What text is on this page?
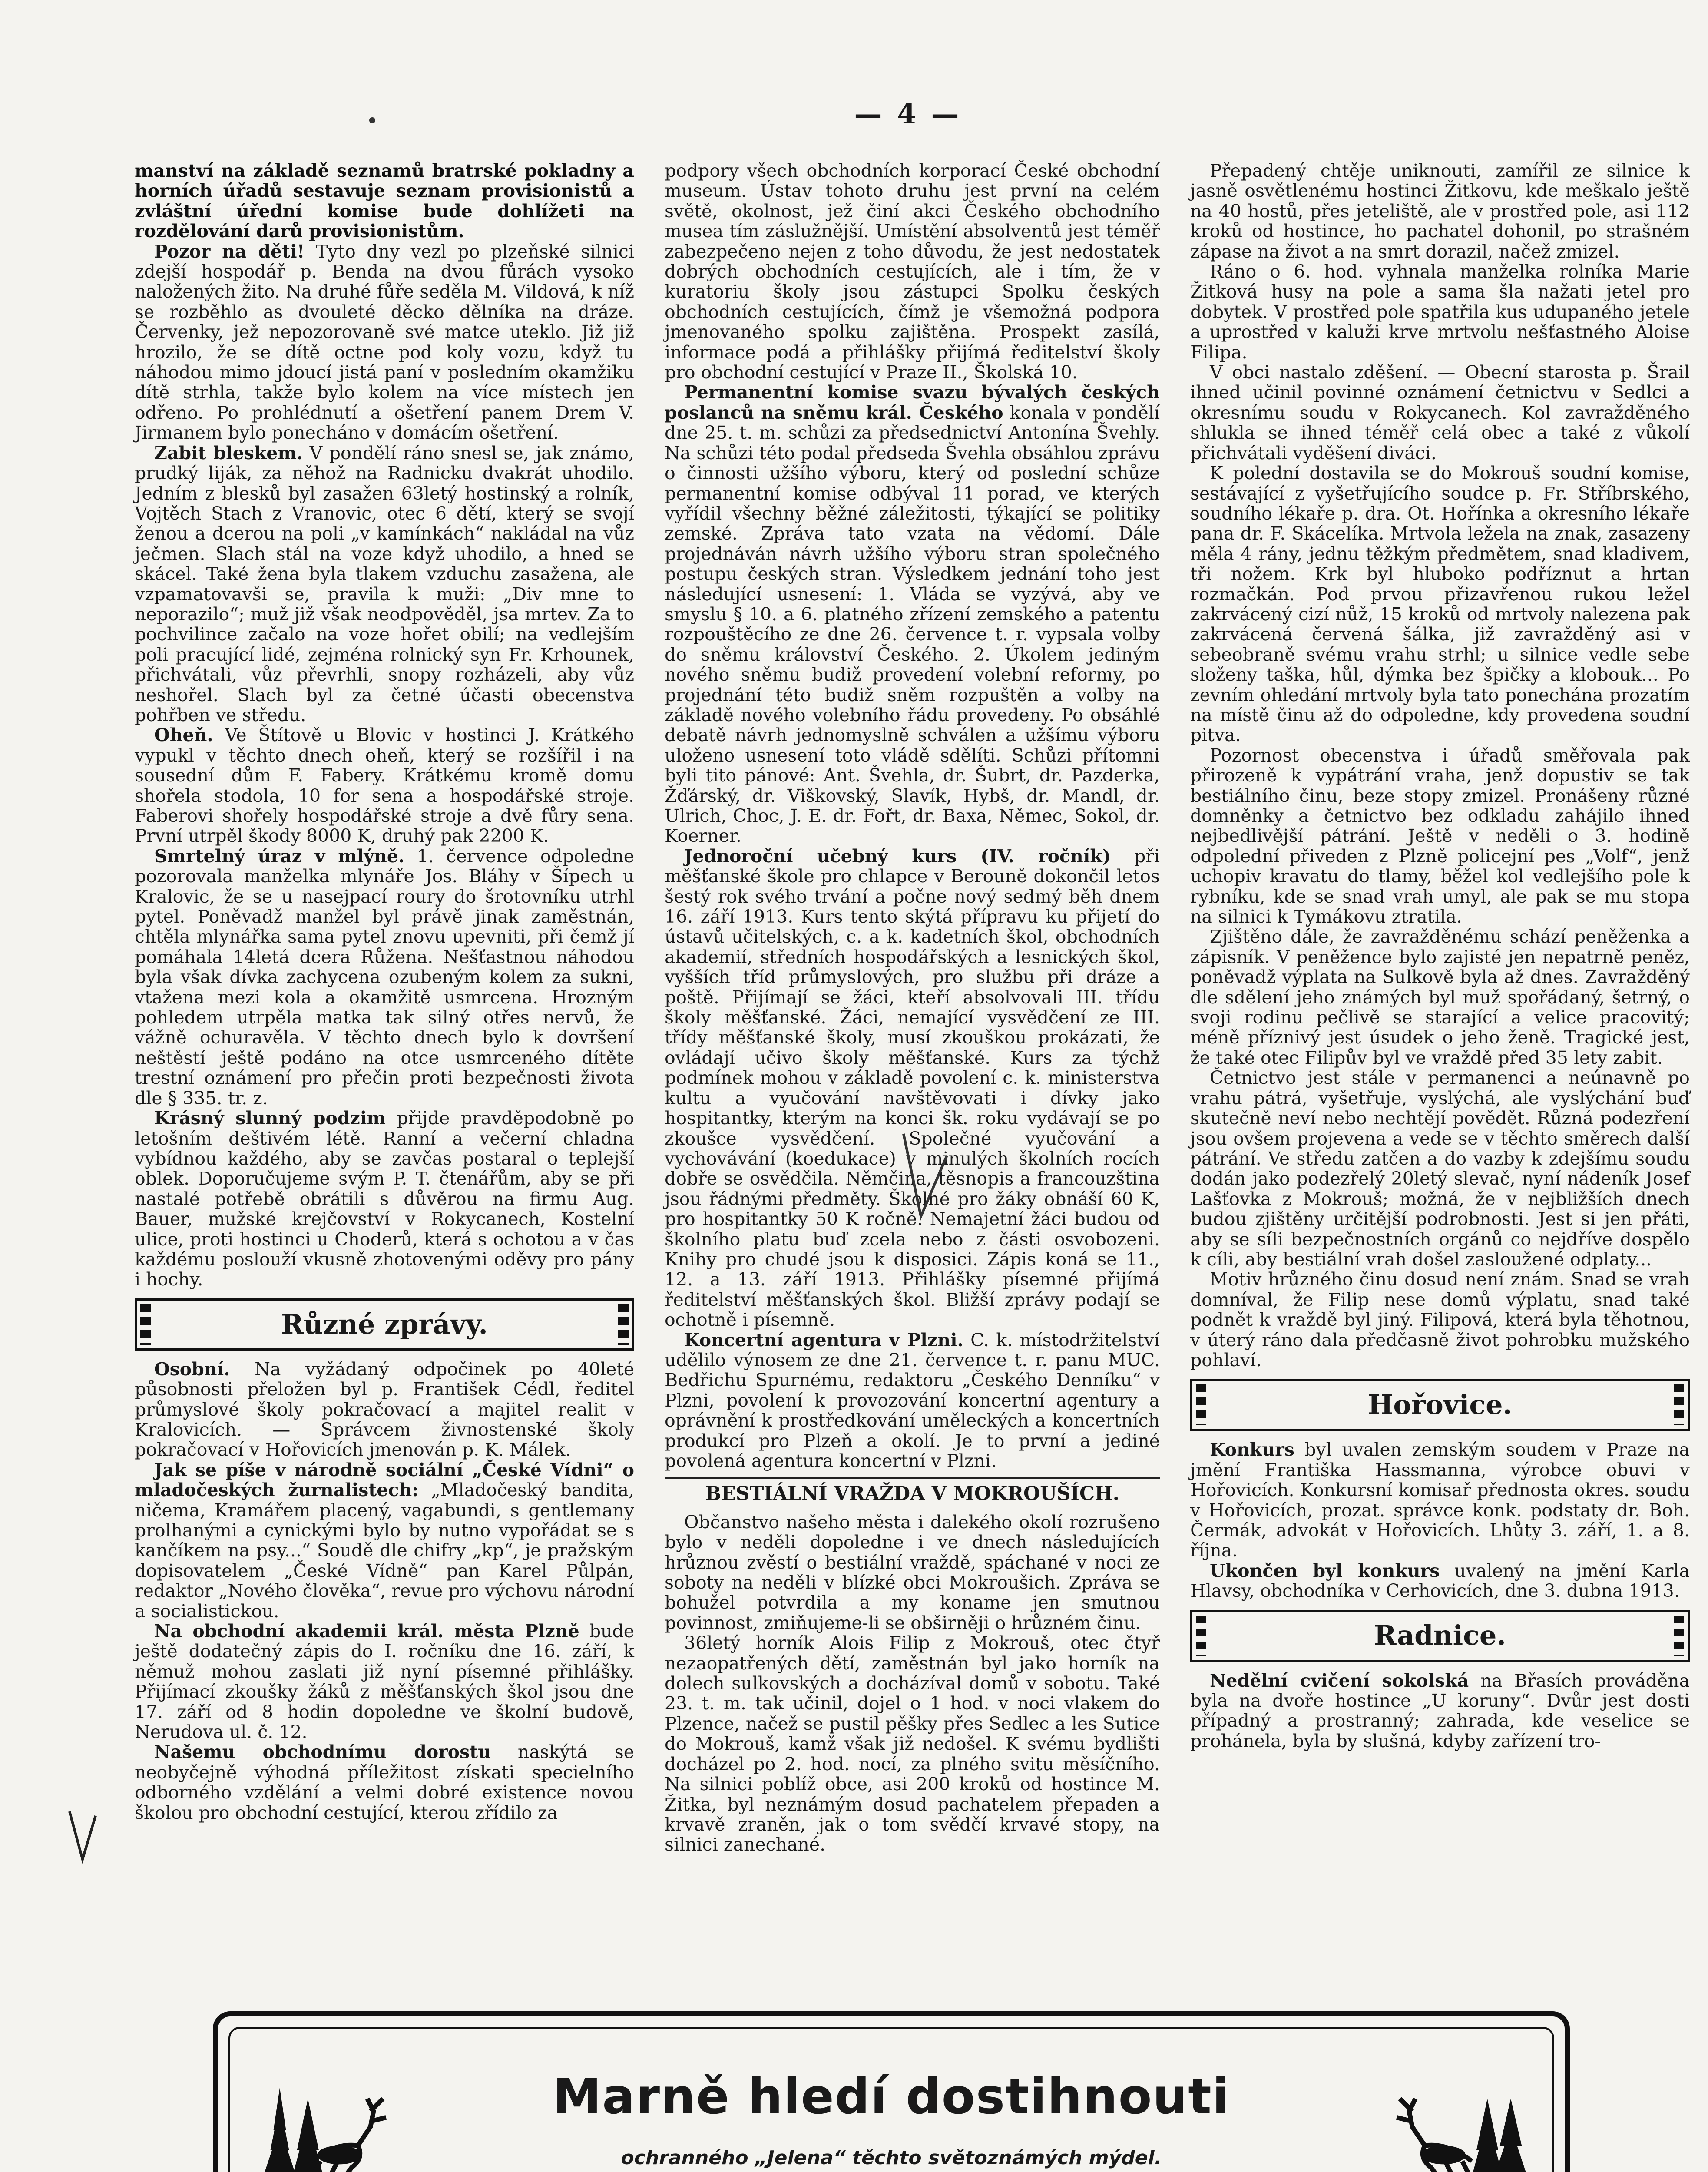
— 4 —

manství na základě seznamů bratrské pokladny a horních úřadů sestavuje seznam provisionistů a zvláštní úřední komise bude dohlížeti na rozdělování darů provisionistům.

Pozor na děti! Tyto dny vezl po plzeňské silnici zdejší hospodář p. Benda na dvou fůrách vysoko naložených žito. Na druhé fůře seděla M. Vildová, k níž se rozběhlo as dvouleté děcko dělníka na dráze. Červenky, jež nepozorovaně své matce uteklo. Již již hrozilo, že se dítě octne pod koly vozu, když tu náhodou mimo jdoucí jistá paní v posledním okamžiku dítě strhla, takže bylo kolem na více místech jen odřeno. Po prohlédnutí a ošetření panem Drem V. Jirmanem bylo ponecháno v domácím ošetření.

Zabit bleskem. V pondělí ráno snesl se, jak známo, prudký liják, za něhož na Radnicku dvakrát uhodilo. Jedním z blesků byl zasažen 63letý hostinský a rolník, Vojtěch Stach z Vranovic, otec 6 dětí, který se svojí ženou a dcerou na poli „v kamínkách“ nakládal na vůz ječmen. Slach stál na voze když uhodilo, a hned se skácel. Také žena byla tlakem vzduchu zasažena, ale vzpamatovavši se, pravila k muži: „Div mne to neporazilo“; muž již však neodpověděl, jsa mrtev. Za to pochvilince začalo na voze hořet obilí; na vedlejším poli pracující lidé, zejména rolnický syn Fr. Krhounek, přichvátali, vůz převrhli, snopy rozházeli, aby vůz neshořel. Slach byl za četné účasti obecenstva pohřben ve středu.

Oheň. Ve Štítově u Blovic v hostinci J. Krátkého vypukl v těchto dnech oheň, který se rozšířil i na sousední dům F. Fabery. Krátkému kromě domu shořela stodola, 10 for sena a hospodářské stroje. Faberovi shořely hospodářské stroje a dvě fůry sena. První utrpěl škody 8000 K, druhý pak 2200 K.

Smrtelný úraz v mlýně. 1. července odpoledne pozorovala manželka mlynáře Jos. Bláhy v Šípech u Kralovic, že se u nasejpací roury do šrotovníku utrhl pytel. Poněvadž manžel byl právě jinak zaměstnán, chtěla mlynářka sama pytel znovu upevniti, při čemž jí pomáhala 14letá dcera Růžena. Nešťastnou náhodou byla však dívka zachycena ozubeným kolem za sukni, vtažena mezi kola a okamžitě usmrcena. Hrozným pohledem utrpěla matka tak silný otřes nervů, že vážně ochuravěla. V těchto dnech bylo k dovršení neštěstí ještě podáno na otce usmrceného dítěte trestní oznámení pro přečin proti bezpečnosti života dle § 335. tr. z.

Krásný slunný podzim přijde pravděpodobně po letošním deštivém létě. Ranní a večerní chladna vybídnou každého, aby se zavčas postaral o teplejší oblek. Doporučujeme svým P. T. čtenářům, aby se při nastalé potřebě obrátili s důvěrou na firmu Aug. Bauer, mužské krejčovství v Rokycanech, Kostelní ulice, proti hostinci u Choderů, která s ochotou a v čas každému poslouží vkusně zhotovenými oděvy pro pány i hochy.

Různé zprávy.

Osobní. Na vyžádaný odpočinek po 40leté působnosti přeložen byl p. František Cédl, ředitel průmyslové školy pokračovací a majitel realit v Kralovicích. — Správcem živnostenské školy pokračovací v Hořovicích jmenován p. K. Málek.

Jak se píše v národně sociální „České Vídni“ o mladočeských žurnalistech: „Mladočeský bandita, ničema, Kramářem placený, vagabundi, s gentlemany prolhanými a cynickými bylo by nutno vypořádat se s kančíkem na psy...“ Soudě dle chifry „kp“, je pražským dopisovatelem „České Vídně“ pan Karel Půlpán, redaktor „Nového člověka“, revue pro výchovu národní a socialistickou.

Na obchodní akademii král. města Plzně bude ještě dodatečný zápis do I. ročníku dne 16. září, k němuž mohou zaslati již nyní písemné přihlášky. Přijímací zkoušky žáků z měšťanských škol jsou dne 17. září od 8 hodin dopoledne ve školní budově, Nerudova ul. č. 12.

Našemu obchodnímu dorostu naskýtá se neobyčejně výhodná příležitost získati specielního odborného vzdělání a velmi dobré existence novou školou pro obchodní cestující, kterou zřídilo za

podpory všech obchodních korporací České obchodní museum. Ústav tohoto druhu jest první na celém světě, okolnost, jež činí akci Českého obchodního musea tím záslužnější. Umístění absolventů jest téměř zabezpečeno nejen z toho důvodu, že jest nedostatek dobrých obchodních cestujících, ale i tím, že v kuratoriu školy jsou zástupci Spolku českých obchodních cestujících, čímž je všemožná podpora jmenovaného spolku zajištěna. Prospekt zasílá, informace podá a přihlášky přijímá ředitelství školy pro obchodní cestující v Praze II., Školská 10.

Permanentní komise svazu bývalých českých poslanců na sněmu král. Českého konala v pondělí dne 25. t. m. schůzi za předsednictví Antonína Švehly. Na schůzi této podal předseda Švehla obsáhlou zprávu o činnosti užšího výboru, který od poslední schůze permanentní komise odbýval 11 porad, ve kterých vyřídil všechny běžné záležitosti, týkající se politiky zemské. Zpráva tato vzata na vědomí. Dále projednáván návrh užšího výboru stran společného postupu českých stran. Výsledkem jednání toho jest následující usnesení: 1. Vláda se vyzývá, aby ve smyslu § 10. a 6. platného zřízení zemského a patentu rozpouštěcího ze dne 26. července t. r. vypsala volby do sněmu království Českého. 2. Úkolem jediným nového sněmu budiž provedení volební reformy, po projednání této budiž sněm rozpuštěn a volby na základě nového volebního řádu provedeny. Po obsáhlé debatě návrh jednomyslně schválen a užšímu výboru uloženo usnesení toto vládě sdělíti. Schůzi přítomni byli tito pánové: Ant. Švehla, dr. Šubrt, dr. Pazderka, Žďárský, dr. Viškovský, Slavík, Hybš, dr. Mandl, dr. Ulrich, Choc, J. E. dr. Fořt, dr. Baxa, Němec, Sokol, dr. Koerner.

Jednoroční učebný kurs (IV. ročník) při měšťanské škole pro chlapce v Berouně dokončil letos šestý rok svého trvání a počne nový sedmý běh dnem 16. září 1913. Kurs tento skýtá přípravu ku přijetí do ústavů učitelských, c. a k. kadetních škol, obchodních akademií, středních hospodářských a lesnických škol, vyšších tříd průmyslových, pro službu při dráze a poště. Přijímají se žáci, kteří absolvovali III. třídu školy měšťanské. Žáci, nemající vysvědčení ze III. třídy měšťanské školy, musí zkouškou prokázati, že ovládají učivo školy měšťanské. Kurs za týchž podmínek mohou v základě povolení c. k. ministerstva kultu a vyučování navštěvovati i dívky jako hospitantky, kterým na konci šk. roku vydávají se po zkoušce vysvědčení. Společné vyučování a vychovávání (koedukace) v minulých školních rocích dobře se osvědčila. Němčina, těsnopis a francouzština jsou řádnými předměty. Školné pro žáky obnáší 60 K, pro hospitantky 50 K ročně. Nemajetní žáci budou od školního platu buď zcela nebo z části osvobozeni. Knihy pro chudé jsou k disposici. Zápis koná se 11., 12. a 13. září 1913. Přihlášky písemné přijímá ředitelství měšťanských škol. Bližší zprávy podají se ochotně i písemně.

Koncertní agentura v Plzni. C. k. místodržitelství udělilo výnosem ze dne 21. července t. r. panu MUC. Bedřichu Spurnému, redaktoru „Českého Denníku“ v Plzni, povolení k provozování koncertní agentury a oprávnění k prostředkování uměleckých a koncertních produkcí pro Plzeň a okolí. Je to první a jediné povolená agentura koncertní v Plzni.

BESTIÁLNÍ VRAŽDA V MOKROUŠÍCH.

Občanstvo našeho města i dalekého okolí rozrušeno bylo v neděli dopoledne i ve dnech následujících hrůznou zvěstí o bestiální vraždě, spáchané v noci ze soboty na neděli v blízké obci Mokroušich. Zpráva se bohužel potvrdila a my koname jen smutnou povinnost, zmiňujeme-li se obširněji o hrůzném činu.

36letý horník Alois Filip z Mokrouš, otec čtyř nezaopatřených dětí, zaměstnán byl jako horník na dolech sulkovských a docházíval domů v sobotu. Také 23. t. m. tak učinil, dojel o 1 hod. v noci vlakem do Plzence, načež se pustil pěšky přes Sedlec a les Sutice do Mokrouš, kamž však již nedošel. K svému bydlišti docházel po 2. hod. nocí, za plného svitu měsíčního. Na silnici poblíž obce, asi 200 kroků od hostince M. Žitka, byl neznámým dosud pachatelem přepaden a krvavě zraněn, jak o tom svědčí krvavé stopy, na silnici zanechané.

Přepadený chtěje uniknouti, zamířil ze silnice k jasně osvětlenému hostinci Žitkovu, kde meškalo ještě na 40 hostů, přes jeteliště, ale v prostřed pole, asi 112 kroků od hostince, ho pachatel dohonil, po strašném zápase na život a na smrt dorazil, načež zmizel.

Ráno o 6. hod. vyhnala manželka rolníka Marie Žitková husy na pole a sama šla nažati jetel pro dobytek. V prostřed pole spatřila kus udupaného jetele a uprostřed v kaluži krve mrtvolu nešťastného Aloise Filipa.

V obci nastalo zděšení. — Obecní starosta p. Šrail ihned učinil povinné oznámení četnictvu v Sedlci a okresnímu soudu v Rokycanech. Kol zavražděného shlukla se ihned téměř celá obec a také z vůkolí přichvátali vyděšení diváci.

K polední dostavila se do Mokrouš soudní komise, sestávající z vyšetřujícího soudce p. Fr. Stříbrského, soudního lékaře p. dra. Ot. Hořínka a okresního lékaře pana dr. F. Skácelíka. Mrtvola ležela na znak, zasazeny měla 4 rány, jednu těžkým předmětem, snad kladivem, tři nožem. Krk byl hluboko podříznut a hrtan rozmačkán. Pod prvou přizavřenou rukou ležel zakrvácený cizí nůž, 15 kroků od mrtvoly nalezena pak zakrvácená červená šálka, již zavražděný asi v sebeobraně svému vrahu strhl; u silnice vedle sebe složeny taška, hůl, dýmka bez špičky a klobouk... Po zevním ohledání mrtvoly byla tato ponechána prozatím na místě činu až do odpoledne, kdy provedena soudní pitva.

Pozornost obecenstva i úřadů směřovala pak přirozeně k vypátrání vraha, jenž dopustiv se tak bestiálního činu, beze stopy zmizel. Pronášeny různé domněnky a četnictvo bez odkladu zahájilo ihned nejbedlivější pátrání. Ještě v neděli o 3. hodině odpolední přiveden z Plzně policejní pes „Volf“, jenž uchopiv kravatu do tlamy, běžel kol vedlejšího pole k rybníku, kde se snad vrah umyl, ale pak se mu stopa na silnici k Tymákovu ztratila.

Zjištěno dále, že zavražděnému schází peněženka a zápisník. V peněžence bylo zajisté jen nepatrně peněz, poněvadž výplata na Sulkově byla až dnes. Zavražděný dle sdělení jeho známých byl muž spořádaný, šetrný, o svoji rodinu pečlivě se starající a velice pracovitý; méně příznivý jest úsudek o jeho ženě. Tragické jest, že také otec Filipův byl ve vraždě před 35 lety zabit.

Četnictvo jest stále v permanenci a neúnavně po vrahu pátrá, vyšetřuje, vyslýchá, ale vyslýchání buď skutečně neví nebo nechtějí povědět. Různá podezření jsou ovšem projevena a vede se v těchto směrech další pátrání. Ve středu zatčen a do vazby k zdejšímu soudu dodán jako podezřelý 20letý slevač, nyní nádeník Josef Lašťovka z Mokrouš; možná, že v nejbližších dnech budou zjištěny určitější podrobnosti. Jest si jen přáti, aby se síli bezpečnostních orgánů co nejdříve dospělo k cíli, aby bestiální vrah došel zasloužené odplaty...

Motiv hrůzného činu dosud není znám. Snad se vrah domníval, že Filip nese domů výplatu, snad také podnět k vraždě byl jiný. Filipová, která byla těhotnou, v úterý ráno dala předčasně život pohrobku mužského pohlaví.

Hořovice.

Konkurs byl uvalen zemským soudem v Praze na jmění Františka Hassmanna, výrobce obuvi v Hořovicích. Konkursní komisař přednosta okres. soudu v Hořovicích, prozat. správce konk. podstaty dr. Boh. Čermák, advokát v Hořovicích. Lhůty 3. září, 1. a 8. října.

Ukončen byl konkurs uvalený na jmění Karla Hlavsy, obchodníka v Cerhovicích, dne 3. dubna 1913.

Radnice.

Nedělní cvičení sokolská na Břasích prováděna byla na dvoře hostince „U koruny“. Dvůr jest dosti případný a prostranný; zahrada, kde veselice se prohánela, byla by slušná, kdyby zařízení tro-

Marně hledí dostihnouti
ochranného „Jelena“ těchto světoznámých mýdel.
